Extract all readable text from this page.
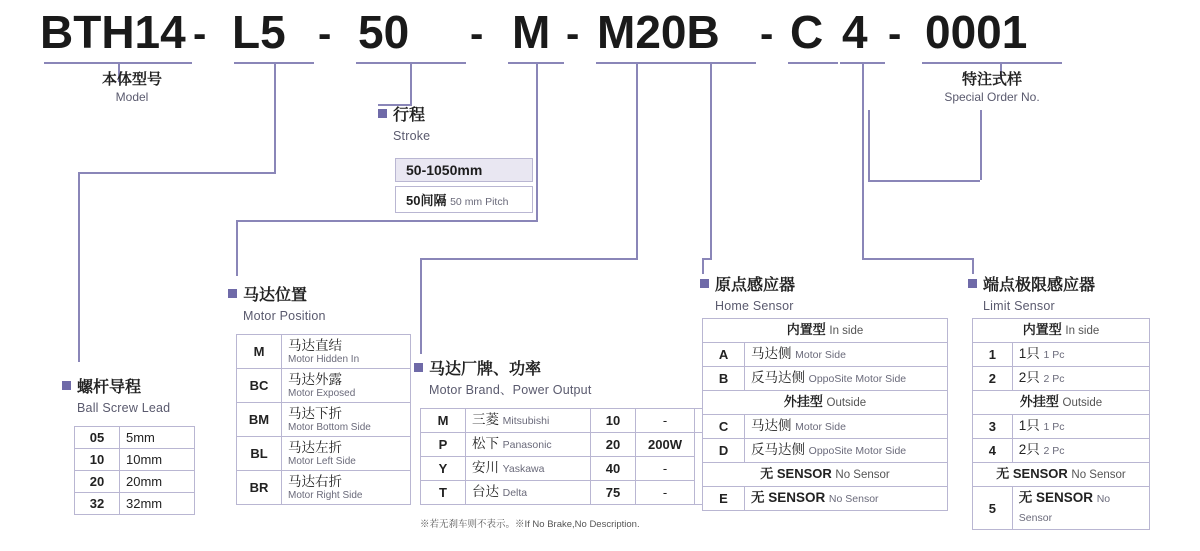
BTH14 - L5 - 50 - M - M20B - C 4 - 0001
本体型号
Model
特注式样
Special Order No.
行程
Stroke
50-1050mm
50间隔 50 mm Pitch
螺杆导程
Ball Screw Lead
05	5mm
10	10mm
20	20mm
32	32mm
马达位置
Motor Position
M	马达直结
Motor Hidden In

BC	马达外露
Motor Exposed

BM	马达下折
Motor Bottom Side

BL	马达左折
Motor Left Side

BR	马达右折
Motor Right Side
马达厂牌、功率
Motor Brand、Power Output
M	三菱 Mitsubishi	10	-	
P	松下 Panasonic	20	200W	
Y	安川 Yaskawa	40	-	
T	台达 Delta	75	-	
※若无刹车则不表示。※If No Brake,No Description.
原点感应器
Home Sensor
内置型 In side	
A	马达侧 Motor Side
B	反马达侧 OppoSite Motor Side
外挂型 Outside	
C	马达侧 Motor Side
D	反马达侧 OppoSite Motor Side
无 SENSOR No Sensor	
E	无 SENSOR No Sensor
端点极限感应器
Limit Sensor
内置型 In side	
1	1只 1 Pc
2	2只 2 Pc
外挂型 Outside	
3	1只 1 Pc
4	2只 2 Pc
无 SENSOR No Sensor	
5	无 SENSOR No Sensor
